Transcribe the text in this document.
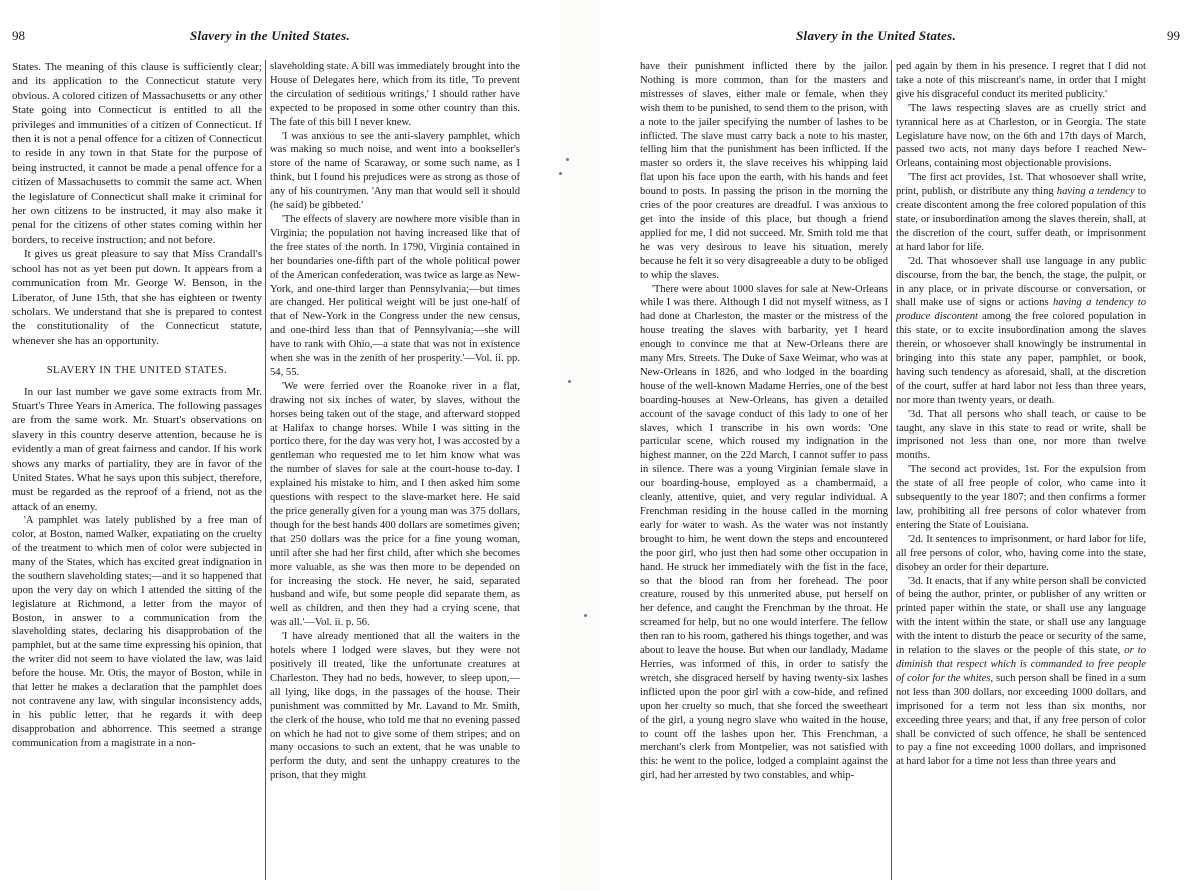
98	Slavery in the United States.

States. The meaning of this clause is sufficiently clear; and its application to the Connecticut statute very obvious. A colored citizen of Massachusetts or any other State going into Connecticut is entitled to all the privileges and immunities of a citizen of Connecticut. If then it is not a penal offence for a citizen of Connecticut to reside in any town in that State for the purpose of being instructed, it cannot be made a penal offence for a citizen of Massachusetts to commit the same act. When the legislature of Connecticut shall make it criminal for her own citizens to be instructed, it may also make it penal for the citizens of other states coming within her borders, to receive instruction; and not before.

It gives us great pleasure to say that Miss Crandall's school has not as yet been put down. It appears from a communication from Mr. George W. Benson, in the Liberator, of June 15th, that she has eighteen or twenty scholars. We understand that she is prepared to contest the constitutionality of the Connecticut statute, whenever she has an opportunity.

SLAVERY IN THE UNITED STATES.

In our last number we gave some extracts from Mr. Stuart's Three Years in America. The following passages are from the same work. Mr. Stuart's observations on slavery in this country deserve attention, because he is evidently a man of great fairness and candor. If his work shows any marks of partiality, they are in favor of the United States. What he says upon this subject, therefore, must be regarded as the reproof of a friend, not as the attack of an enemy.

'A pamphlet was lately published by a free man of color, at Boston, named Walker, expatiating on the cruelty of the treatment to which men of color were subjected in many of the States, which has excited great indignation in the southern slaveholding states;—and it so happened that upon the very day on which I attended the sitting of the legislature at Richmond, a letter from the mayor of Boston, in answer to a communication from the slaveholding states, declaring his disapprobation of the pamphlet, but at the same time expressing his opinion, that the writer did not seem to have violated the law, was laid before the house. Mr. Otis, the mayor of Boston, while in that letter he makes a declaration that the pamphlet does not contravene any law, with singular inconsistency adds, in his public letter, that he regards it with deep disapprobation and abhorrence. This seemed a strange communication from a magistrate in a non-

slaveholding state. A bill was immediately brought into the House of Delegates here, which from its title, 'To prevent the circulation of seditious writings,' I should rather have expected to be proposed in some other country than this. The fate of this bill I never knew.

'I was anxious to see the anti-slavery pamphlet, which was making so much noise, and went into a bookseller's store of the name of Scaraway, or some such name, as I think, but I found his prejudices were as strong as those of any of his countrymen. 'Any man that would sell it should (he said) be gibbeted.'

'The effects of slavery are nowhere more visible than in Virginia; the population not having increased like that of the free states of the north. In 1790, Virginia contained in her boundaries one-fifth part of the whole political power of the American confederation, was twice as large as New-York, and one-third larger than Pennsylvania;—but times are changed. Her political weight will be just one-half of that of New-York in the Congress under the new census, and one-third less than that of Pennsylvania;—she will have to rank with Ohio,—a state that was not in existence when she was in the zenith of her prosperity.'—Vol. ii. pp. 54, 55.

'We were ferried over the Roanoke river in a flat, drawing not six inches of water, by slaves, without the horses being taken out of the stage, and afterward stopped at Halifax to change horses. While I was sitting in the portico there, for the day was very hot, I was accosted by a gentleman who requested me to let him know what was the number of slaves for sale at the court-house to-day. I explained his mistake to him, and I then asked him some questions with respect to the slave-market here. He said the price generally given for a young man was 375 dollars, though for the best hands 400 dollars are sometimes given; that 250 dollars was the price for a fine young woman, until after she had her first child, after which she becomes more valuable, as she was then more to be depended on for increasing the stock. He never, he said, separated husband and wife, but some people did separate them, as well as children, and then they had a crying scene, that was all.'—Vol. ii. p. 56.

'I have already mentioned that all the waiters in the hotels where I lodged were slaves, but they were not positively ill treated, like the unfortunate creatures at Charleston. They had no beds, however, to sleep upon,—all lying, like dogs, in the passages of the house. Their punishment was committed by Mr. Lavand to Mr. Smith, the clerk of the house, who told me that no evening passed on which he had not to give some of them stripes; and on many occasions to such an extent, that he was unable to perform the duty, and sent the unhappy creatures to the prison, that they might

Slavery in the United States.	99

have their punishment inflicted there by the jailor. Nothing is more common, than for the masters and mistresses of slaves, either male or female, when they wish them to be punished, to send them to the prison, with a note to the jailer specifying the number of lashes to be inflicted. The slave must carry back a note to his master, telling him that the punishment has been inflicted. If the master so orders it, the slave receives his whipping laid flat upon his face upon the earth, with his hands and feet bound to posts. In passing the prison in the morning the cries of the poor creatures are dreadful. I was anxious to get into the inside of this place, but though a friend applied for me, I did not succeed. Mr. Smith told me that he was very desirous to leave his situation, merely because he felt it so very disagreeable a duty to be obliged to whip the slaves.

'There were about 1000 slaves for sale at New-Orleans while I was there. Although I did not myself witness, as I had done at Charleston, the master or the mistress of the house treating the slaves with barbarity, yet I heard enough to convince me that at New-Orleans there are many Mrs. Streets. The Duke of Saxe Weimar, who was at New-Orleans in 1826, and who lodged in the boarding house of the well-known Madame Herries, one of the best boarding-houses at New-Orleans, has given a detailed account of the savage conduct of this lady to one of her slaves, which I transcribe in his own words: 'One particular scene, which roused my indignation in the highest manner, on the 22d March, I cannot suffer to pass in silence. There was a young Virginian female slave in our boarding-house, employed as a chambermaid, a cleanly, attentive, quiet, and very regular individual. A Frenchman residing in the house called in the morning early for water to wash. As the water was not instantly brought to him, he went down the steps and encountered the poor girl, who just then had some other occupation in hand. He struck her immediately with the fist in the face, so that the blood ran from her forehead. The poor creature, roused by this unmerited abuse, put herself on her defence, and caught the Frenchman by the throat. He screamed for help, but no one would interfere. The fellow then ran to his room, gathered his things together, and was about to leave the house. But when our landlady, Madame Herries, was informed of this, in order to satisfy the wretch, she disgraced herself by having twenty-six lashes inflicted upon the poor girl with a cow-hide, and refined upon her cruelty so much, that she forced the sweetheart of the girl, a young negro slave who waited in the house, to count off the lashes upon her. This Frenchman, a merchant's clerk from Montpelier, was not satisfied with this: he went to the police, lodged a complaint against the girl, had her arrested by two constables, and whip-

ped again by them in his presence. I regret that I did not take a note of this miscreant's name, in order that I might give his disgraceful conduct its merited publicity.'

'The laws respecting slaves are as cruelly strict and tyrannical here as at Charleston, or in Georgia. The state Legislature have now, on the 6th and 17th days of March, passed two acts, not many days before I reached New-Orleans, containing most objectionable provisions.

'The first act provides, 1st. That whosoever shall write, print, publish, or distribute any thing having a tendency to create discontent among the free colored population of this state, or insubordination among the slaves therein, shall, at the discretion of the court, suffer death, or imprisonment at hard labor for life.

'2d. That whosoever shall use language in any public discourse, from the bar, the bench, the stage, the pulpit, or in any place, or in private discourse or conversation, or shall make use of signs or actions having a tendency to produce discontent among the free colored population in this state, or to excite insubordination among the slaves therein, or whosoever shall knowingly be instrumental in bringing into this state any paper, pamphlet, or book, having such tendency as aforesaid, shall, at the discretion of the court, suffer at hard labor not less than three years, nor more than twenty years, or death.

'3d. That all persons who shall teach, or cause to be taught, any slave in this state to read or write, shall be imprisoned not less than one, nor more than twelve months.

'The second act provides, 1st. For the expulsion from the state of all free people of color, who came into it subsequently to the year 1807; and then confirms a former law, prohibiting all free persons of color whatever from entering the State of Louisiana.

'2d. It sentences to imprisonment, or hard labor for life, all free persons of color, who, having come into the state, disobey an order for their departure.

'3d. It enacts, that if any white person shall be convicted of being the author, printer, or publisher of any written or printed paper within the state, or shall use any language with the intent within the state, or shall use any language with the intent to disturb the peace or security of the same, in relation to the slaves or the people of this state, or to diminish that respect which is commanded to free people of color for the whites, such person shall be fined in a sum not less than 300 dollars, nor exceeding 1000 dollars, and imprisoned for a term not less than six months, nor exceeding three years; and that, if any free person of color shall be convicted of such offence, he shall be sentenced to pay a fine not exceeding 1000 dollars, and imprisoned at hard labor for a time not less than three years and
